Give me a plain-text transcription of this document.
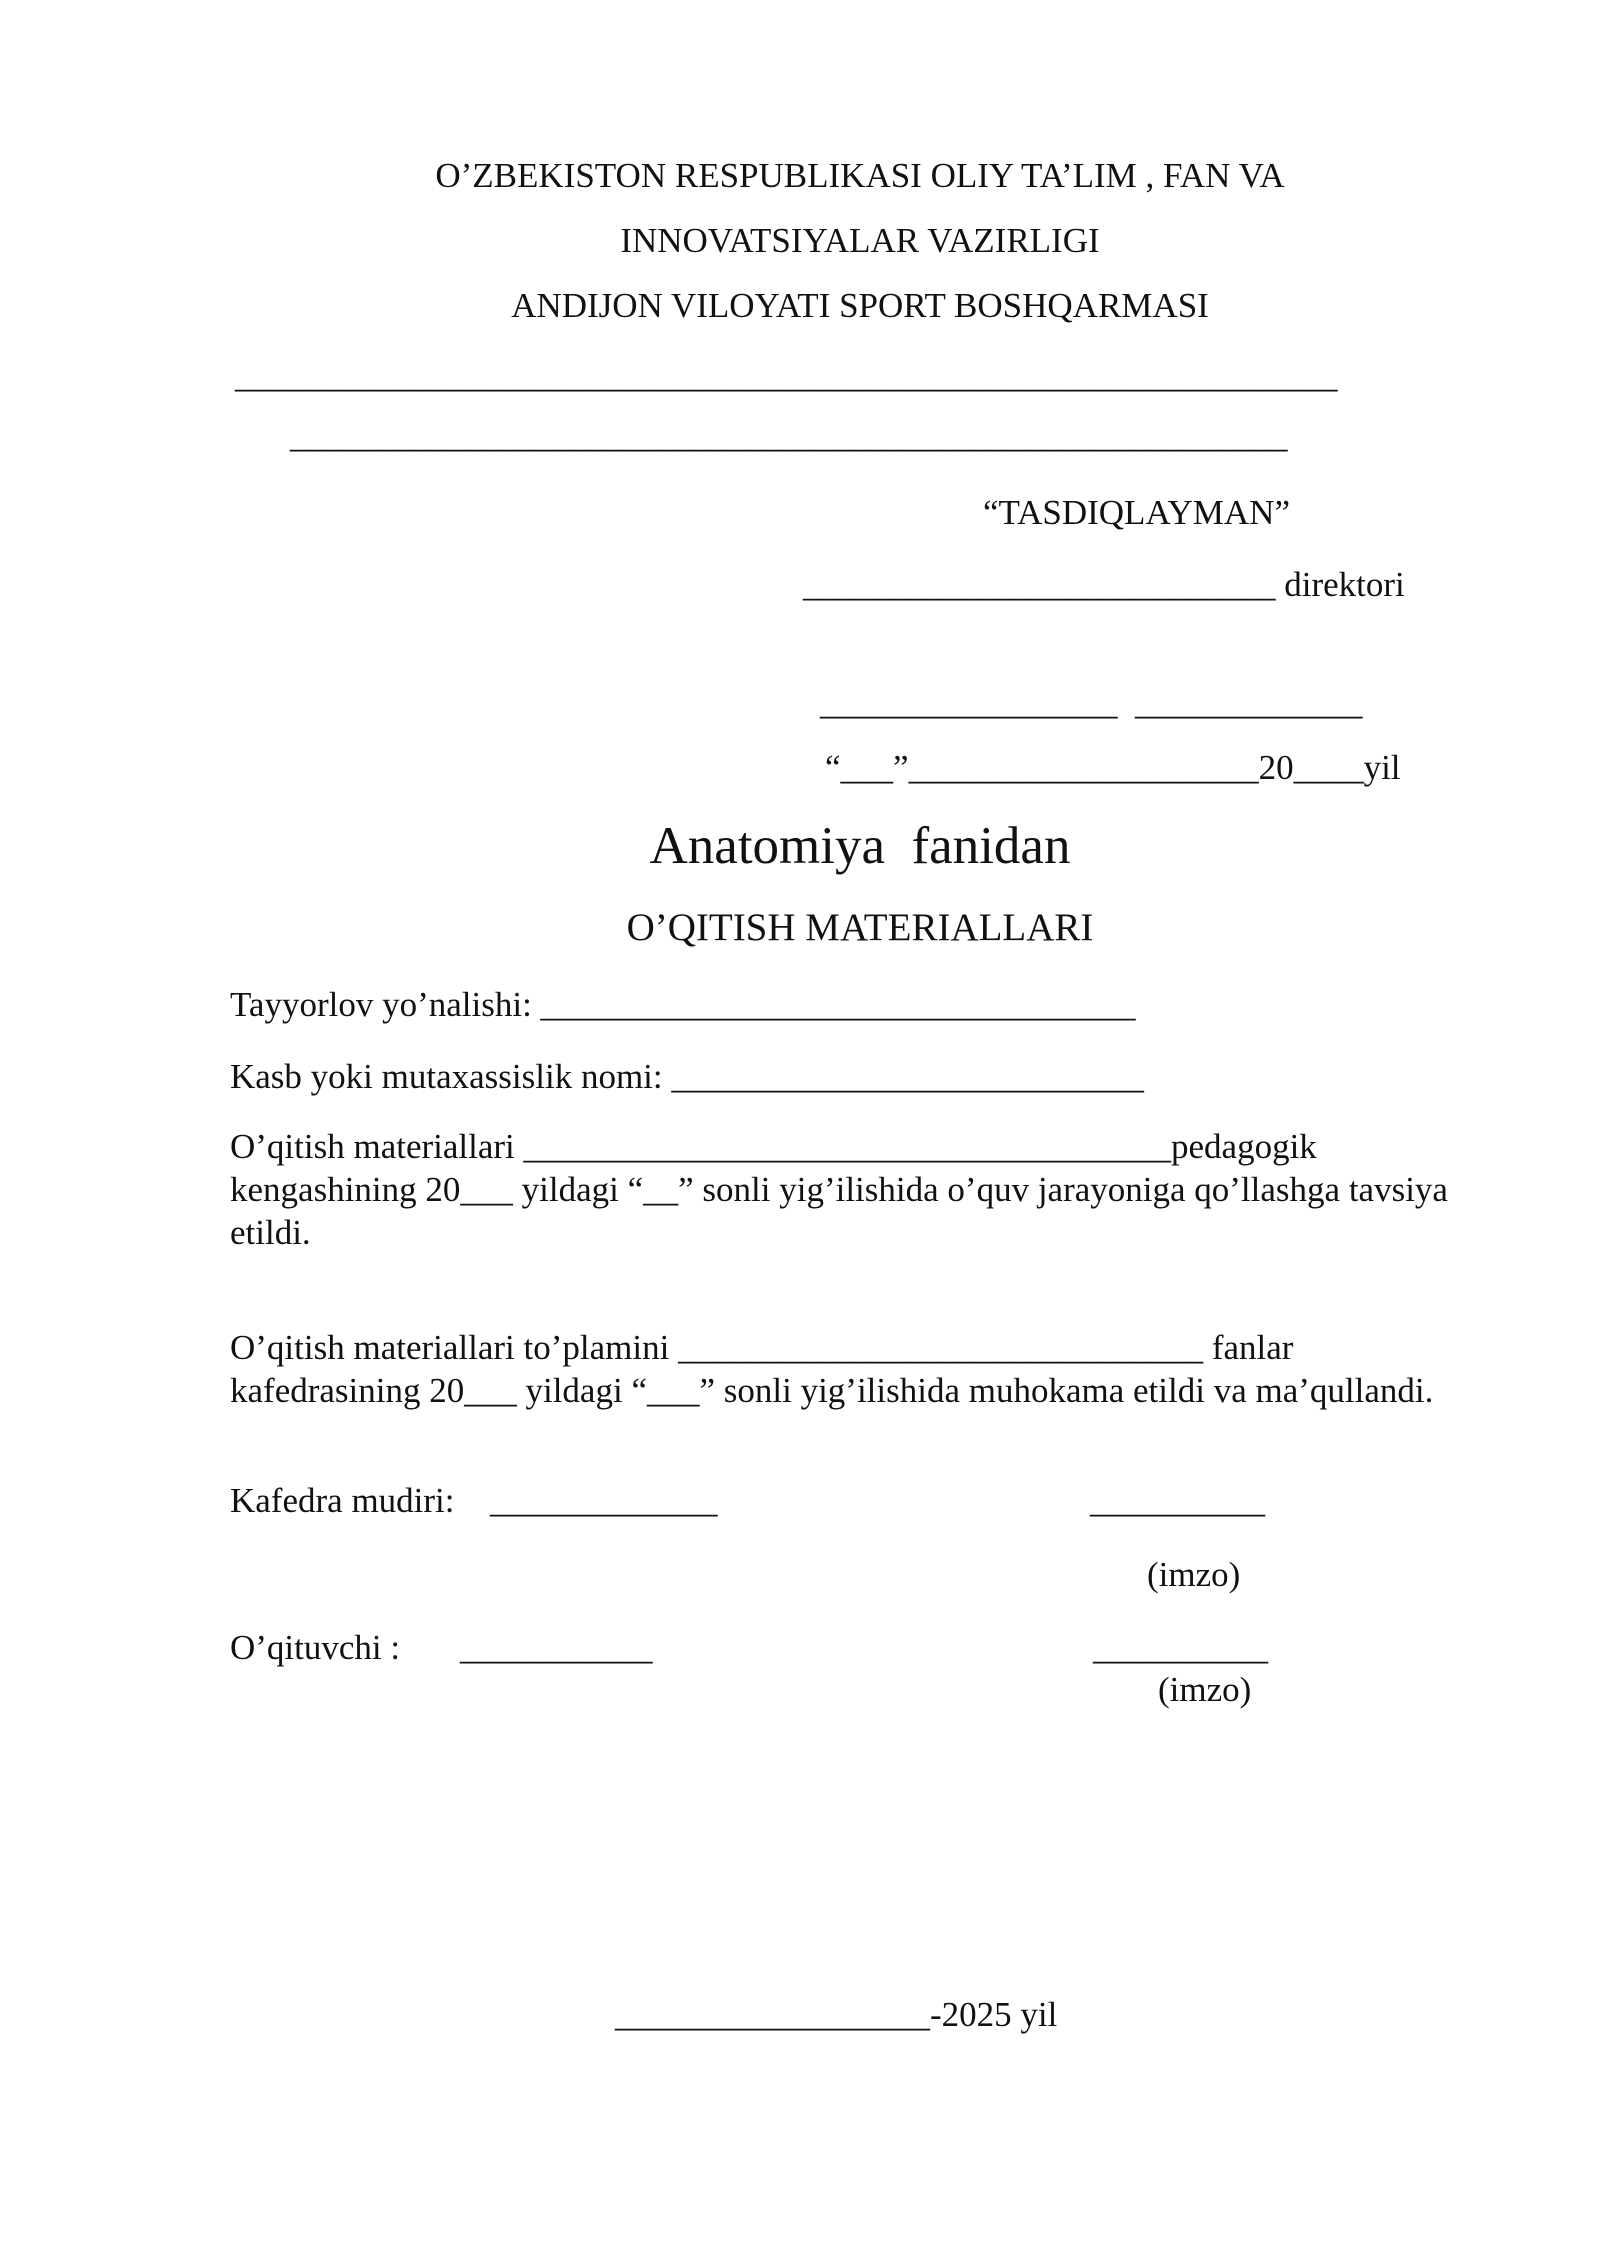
O’ZBEKISTON RESPUBLIKASI OLIY TA’LIM , FAN VA
INNOVATSIYALAR VAZIRLIGI
ANDIJON VILOYATI SPORT BOSHQARMASI
_______________________________________________________________
_________________________________________________________
“TASDIQLAYMAN”
___________________________ direktori
_________________  _____________
“___”____________________20____yil
Anatomiya  fanidan
O’QITISH MATERIALLARI
Tayyorlov yo’nalishi: __________________________________
Kasb yoki mutaxassislik nomi: ___________________________
O’qitish materiallari _____________________________________pedagogik kengashining 20___ yildagi “__” sonli yig’ilishida o’quv jarayoniga qo’llashga tavsiya etildi.
O’qitish materiallari to’plamini ______________________________ fanlar kafedrasining 20___ yildagi “___” sonli yig’ilishida muhokama etildi va ma’qullandi.
Kafedra mudiri: _____________	__________
(imzo)
O’qituvchi : ___________	__________
(imzo)
__________________-2025 yil
